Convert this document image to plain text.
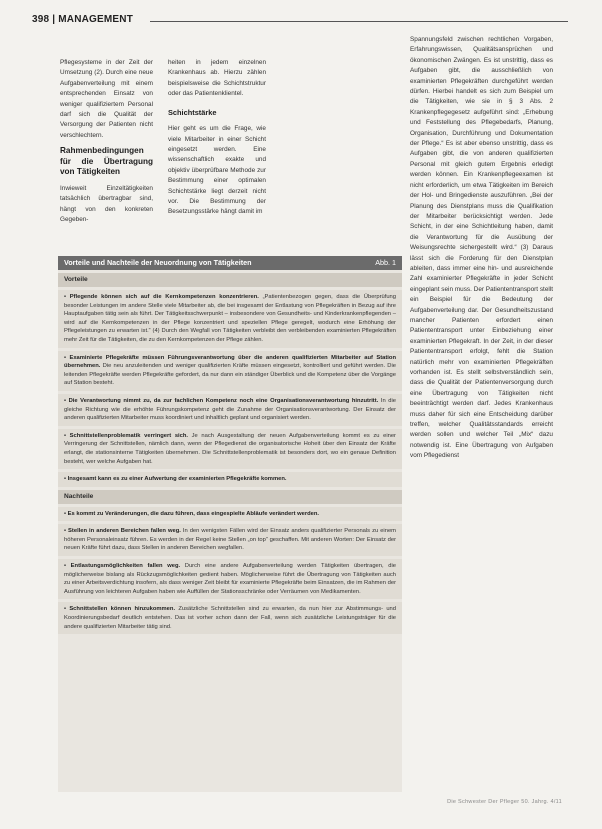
398 | MANAGEMENT

Pflegesysteme in der Zeit der Umsetzung (2). Durch eine neue Aufgabenverteilung mit einem entsprechenden Einsatz von weniger qualifiziertem Personal darf sich die Qualität der Versorgung der Patienten nicht verschlechtern.

Rahmenbedingungen für die Übertragung von Tätigkeiten

Inwieweit Einzeltätigkeiten tatsächlich übertragbar sind, hängt von den konkreten Gegeben-

heiten in jedem einzelnen Krankenhaus ab. Hierzu zählen beispielsweise die Schichtstruktur oder das Patientenklientel.

Schichtstärke

Hier geht es um die Frage, wie viele Mitarbeiter in einer Schicht eingesetzt werden. Eine wissenschaftlich exakte und objektiv überprüfbare Methode zur Bestimmung einer optimalen Schichtstärke liegt derzeit nicht vor. Die Bestimmung der Besetzungsstärke hängt damit im

Spannungsfeld zwischen rechtlichen Vorgaben, Erfahrungswissen, Qualitätsansprüchen und ökonomischen Zwängen. Es ist unstrittig, dass es Aufgaben gibt, die ausschließlich von examinierten Pflegekräften durchgeführt werden dürfen. Hierbei handelt es sich zum Beispiel um die Tätigkeiten, wie sie in § 3 Abs. 2 Krankenpflegegesetz aufgeführt sind: „Erhebung und Feststellung des Pflegebedarfs, Planung, Organisation, Durchführung und Dokumentation der Pflege.“ Es ist aber ebenso unstrittig, dass es Aufgaben gibt, die von anderen qualifizierten Personal mit gleich gutem Ergebnis erledigt werden können. Ein Krankenpflegeexamen ist nicht erforderlich, um etwa Tätigkeiten im Bereich der Hol- und Bringedienste auszuführen. „Bei der Planung des Dienstplans muss die Qualifikation der Mitarbeiter berücksichtigt werden. Jede Schicht, in der eine Schichtleitung haben, damit die Verantwortung für die Ausübung der Weisungsrechte sichergestellt wird.“ (3) Daraus lässt sich die Forderung für den Dienstplan ableiten, dass immer eine hin- und ausreichende Zahl examinierter Pflegekräfte in jeder Schicht eingeplant sein muss. Der Patiententransport stellt ein Beispiel für die Bedeutung der Aufgabenverteilung dar. Der Gesundheitszustand mancher Patienten erfordert einen Patiententransport unter Einbeziehung einer examinierten Pflegekraft. In der Zeit, in der dieser Patiententransport erfolgt, fehlt die Station natürlich mehr von examinierten Pflegekräften vorhanden ist. Es stellt selbstverständlich sein, dass die Qualität der Patientenversorgung durch eine Übertragung von Tätigkeiten nicht beeinträchtigt werden darf. Jedes Krankenhaus muss daher für sich eine Entscheidung darüber treffen, welcher Qualitätsstandards erreicht werden sollen und welcher Teil „Mix“ dazu notwendig ist. Eine Übertragung von Aufgaben vom Pflegedienst

Vorteile und Nachteile der Neuordnung von Tätigkeiten	Abb. 1
Vorteile
• Pflegende können sich auf die Kernkompetenzen konzentrieren. „Patientenbezogen gegen, dass die Überprüfung besonder Leistungen im andere Stelle viele Mitarbeiter ab, die bei insgesamt der Entlastung von Pflegekräften in Bezug auf ihre Hauptaufgaben tätig sein als führt. Der Tätigkeitsschwerpunkt – insbesondere von Gesundheits- und Kinderkrankenpflegenden – wird auf die Kernkompetenzen in der Pflege konzentriert und speziellen Pflege geregelt, wodurch eine Erhöhung der Pflegeleistungen zu erwarten ist.“ (4) Durch den Wegfall von Tätigkeiten verbleibt den verbleibenden examinierten Pflegekräften mehr Zeit für die Tätigkeiten, die zu den Kernkompetenzen der Pflege zählen.
• Examinierte Pflegekräfte müssen Führungsverantwortung über die anderen qualifizierten Mitarbeiter auf Station übernehmen. Die neu anzuleitenden und weniger qualifizierten Kräfte müssen eingesetzt, kontrolliert und geführt werden. Die leitenden Pflegekräfte werden Pflegekräfte gefordert, da nur dann ein ständiger Überblick und die Kompetenz über die Vorgänge auf Station besteht.
• Die Verantwortung nimmt zu, da zur fachlichen Kompetenz noch eine Organisationsverantwortung hinzutritt. In die gleiche Richtung wie die erhöhte Führungskompetenz geht die Zunahme der Organisationsverantwortung. Der Einsatz der anderen qualifizierten Mitarbeiter muss koordiniert und inhaltlich geplant und organisiert werden.
• Schnittstellenproblematik verringert sich. Je nach Ausgestaltung der neuen Aufgabenverteilung kommt es zu einer Verringerung der Schnittstellen, nämlich dann, wenn der Pflegedienst die organisatorische Hoheit über den Einsatz der Kräfte erlangt, die stationsinterne Tätigkeiten übernehmen. Die Schnittstellenproblematik ist besonders dort, wo ein genaue Definition besteht, wer welche Aufgaben hat.
• Insgesamt kann es zu einer Aufwertung der examinierten Pflegekräfte kommen.
Nachteile
• Es kommt zu Veränderungen, die dazu führen, dass eingespielte Abläufe verändert werden.
• Stellen in anderen Bereichen fallen weg. In den wenigsten Fällen wird der Einsatz anders qualifizierter Personals zu einem höheren Personaleinsatz führen. Es werden in der Regel keine Stellen „on top“ geschaffen. Mit anderen Worten: Der Einsatz der neuen Kräfte führt dazu, dass Stellen in anderen Bereichen wegfallen.
• Entlastungsmöglichkeiten fallen weg. Durch eine andere Aufgabenverteilung werden Tätigkeiten übertragen, die möglicherweise bislang als Rückzugsmöglichkeiten gedient haben. Möglicherweise führt die Übertragung von Tätigkeiten auch zu einer Arbeitsverdichtung insofern, als dass weniger Zeit bleibt für examinierte Pflegekräfte beim Einsatzen, die im Rahmen der Ausführung von leichteren Aufgaben haben wie Auffüllen der Stationsschränke oder Verräumen von Medikamenten.
• Schnittstellen können hinzukommen. Zusätzliche Schnittstellen sind zu erwarten, da nun hier zur Abstimmungs- und Koordinierungsbedarf deutlich entstehen. Das ist vorher schon dann der Fall, wenn sich zusätzliche Leistungsträger für die andere qualifizierten Mitarbeiter tätig sind.
Die Schwester Der Pfleger 50. Jahrg. 4/11
